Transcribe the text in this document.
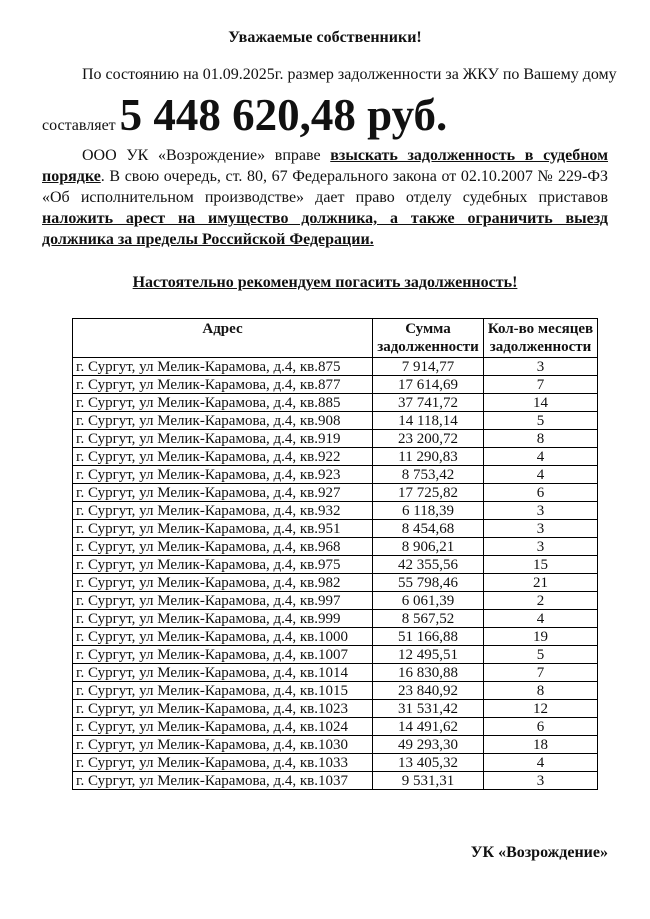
Уважаемые собственники!
По состоянию на 01.09.2025г. размер задолженности за ЖКУ по Вашему дому
составляет 5 448 620,48 руб.

ООО УК «Возрождение» вправе взыскать задолженность в судебном порядке. В свою очередь, ст. 80, 67 Федерального закона от 02.10.2007 № 229-ФЗ «Об исполнительном производстве» дает право отделу судебных приставов наложить арест на имущество должника, а также ограничить выезд должника за пределы Российской Федерации.

Настоятельно рекомендуем погасить задолженность!
Адрес	Сумма задолженности	Кол-во месяцев задолженности
г. Сургут, ул Мелик-Карамова, д.4, кв.875	7 914,77	3
г. Сургут, ул Мелик-Карамова, д.4, кв.877	17 614,69	7
г. Сургут, ул Мелик-Карамова, д.4, кв.885	37 741,72	14
г. Сургут, ул Мелик-Карамова, д.4, кв.908	14 118,14	5
г. Сургут, ул Мелик-Карамова, д.4, кв.919	23 200,72	8
г. Сургут, ул Мелик-Карамова, д.4, кв.922	11 290,83	4
г. Сургут, ул Мелик-Карамова, д.4, кв.923	8 753,42	4
г. Сургут, ул Мелик-Карамова, д.4, кв.927	17 725,82	6
г. Сургут, ул Мелик-Карамова, д.4, кв.932	6 118,39	3
г. Сургут, ул Мелик-Карамова, д.4, кв.951	8 454,68	3
г. Сургут, ул Мелик-Карамова, д.4, кв.968	8 906,21	3
г. Сургут, ул Мелик-Карамова, д.4, кв.975	42 355,56	15
г. Сургут, ул Мелик-Карамова, д.4, кв.982	55 798,46	21
г. Сургут, ул Мелик-Карамова, д.4, кв.997	6 061,39	2
г. Сургут, ул Мелик-Карамова, д.4, кв.999	8 567,52	4
г. Сургут, ул Мелик-Карамова, д.4, кв.1000	51 166,88	19
г. Сургут, ул Мелик-Карамова, д.4, кв.1007	12 495,51	5
г. Сургут, ул Мелик-Карамова, д.4, кв.1014	16 830,88	7
г. Сургут, ул Мелик-Карамова, д.4, кв.1015	23 840,92	8
г. Сургут, ул Мелик-Карамова, д.4, кв.1023	31 531,42	12
г. Сургут, ул Мелик-Карамова, д.4, кв.1024	14 491,62	6
г. Сургут, ул Мелик-Карамова, д.4, кв.1030	49 293,30	18
г. Сургут, ул Мелик-Карамова, д.4, кв.1033	13 405,32	4
г. Сургут, ул Мелик-Карамова, д.4, кв.1037	9 531,31	3
УК «Возрождение»
